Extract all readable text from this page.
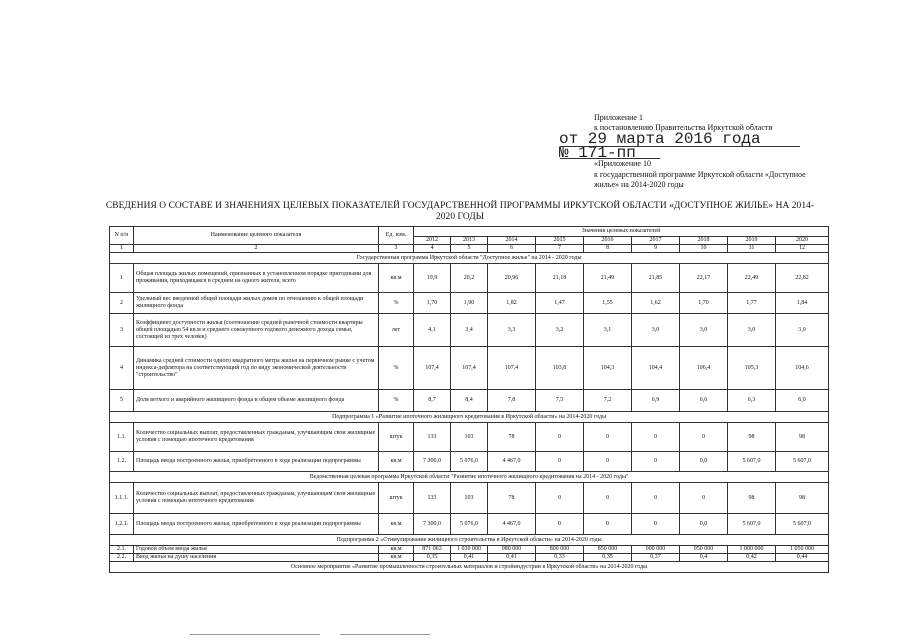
Приложение 1
к постановлению Правительства Иркутской области
от 29 марта 2016 года
№ 171-пп
«Приложение 10
к государственной программе Иркутской области «Доступное
жилье» на 2014-2020 годы
СВЕДЕНИЯ О СОСТАВЕ И ЗНАЧЕНИЯХ ЦЕЛЕВЫХ ПОКАЗАТЕЛЕЙ ГОСУДАРСТВЕННОЙ ПРОГРАММЫ ИРКУТСКОЙ ОБЛАСТИ «ДОСТУПНОЕ ЖИЛЬЕ» НА 2014-2020 ГОДЫ
N п/п	Наименование целевого показателя	Ед. изм.	Значения целевых показателей								
			2012	2013	2014	2015	2016	2017	2018	2019	2020
1	2	3	4	5	6	7	8	9	10	11	12
Государственная программа Иркутской области "Доступное жилье" на 2014 - 2020 годы											
1	Общая площадь жилых помещений, признанных в установленном порядке пригодными для проживания, приходящаяся в среднем на одного жителя, всего	кв.м	19,9	20,2	20,96	21,18	21,49	21,85	22,17	22,49	22,82
2	Удельный вес введенной общей площади жилых домов по отношению к общей площади жилищного фонда	%	1,70	1,90	1,82	1,47	1,55	1,62	1,70	1,77	1,84
3	Коэффициент доступности жилья (соотношение средней рыночной стоимости квартиры общей площадью 54 кв.м и среднего совокупного годового денежного дохода семьи, состоящей из трех человек)	лет	4,1	3,4	3,3	3,2	3,1	3,0	3,0	3,0	3,0
4	Динамика средней стоимости одного квадратного метра жилья на первичном рынке с учетом индекса-дефлятора на соответствующий год по виду экономической деятельности "строительство"	%	107,4	107,4	107,4	103,8	104,3	104,4	106,4	105,3	104,6
5	Доля ветхого и аварийного жилищного фонда в общем объеме жилищного фонда	%	8,7	8,4	7,8	7,5	7,2	6,9	6,6	6,3	6,0
Подпрограмма 1 «Развитие ипотечного жилищного кредитования в Иркутской области» на 2014-2020 годы											
1.1.	Количество социальных выплат, предоставленных гражданам, улучшающим свои жилищные условия с помощью ипотечного кредитования	штук	133	103	78	0	0	0	0	98	98
1.2.	Площадь ввода построенного жилья, приобретенного в ходе реализации подпрограммы	кв.м	7 300,0	5 076,0	4 467,0	0	0	0	0,0	5 607,0	5 607,0
Ведомственная целевая программа Иркутской области "Развитие ипотечного жилищного кредитования на 2014 - 2020 годы"											
1.1.1.	Количество социальных выплат, предоставленных гражданам, улучшающим свои жилищные условия с помощью ипотечного кредитования	штук	133	103	78	0	0	0	0	98	98
1.2.1.	Площадь ввода построенного жилья, приобретенного в ходе реализации подпрограммы	кв.м	7 300,0	5 076,0	4 467,0	0	0	0	0,0	5 607,0	5 607,0
Подпрограмма 2 «Стимулирование жилищного строительства в Иркутской области» на 2014-2020 годы											
2.1.	Годовой объем ввода жилья	кв.м	871 063	1 030 000	980 000	800 000	850 000	900 000	950 000	1 000 000	1 050 000
2.2.	Ввод жилья на душу населения	кв.м	0,35	0,41	0,41	0,33	0,35	0,37	0,4	0,42	0,44
Основное мероприятие «Развитие промышленности строительных материалов и стройиндустрии в Иркутской области» на 2014-2020 годы											
